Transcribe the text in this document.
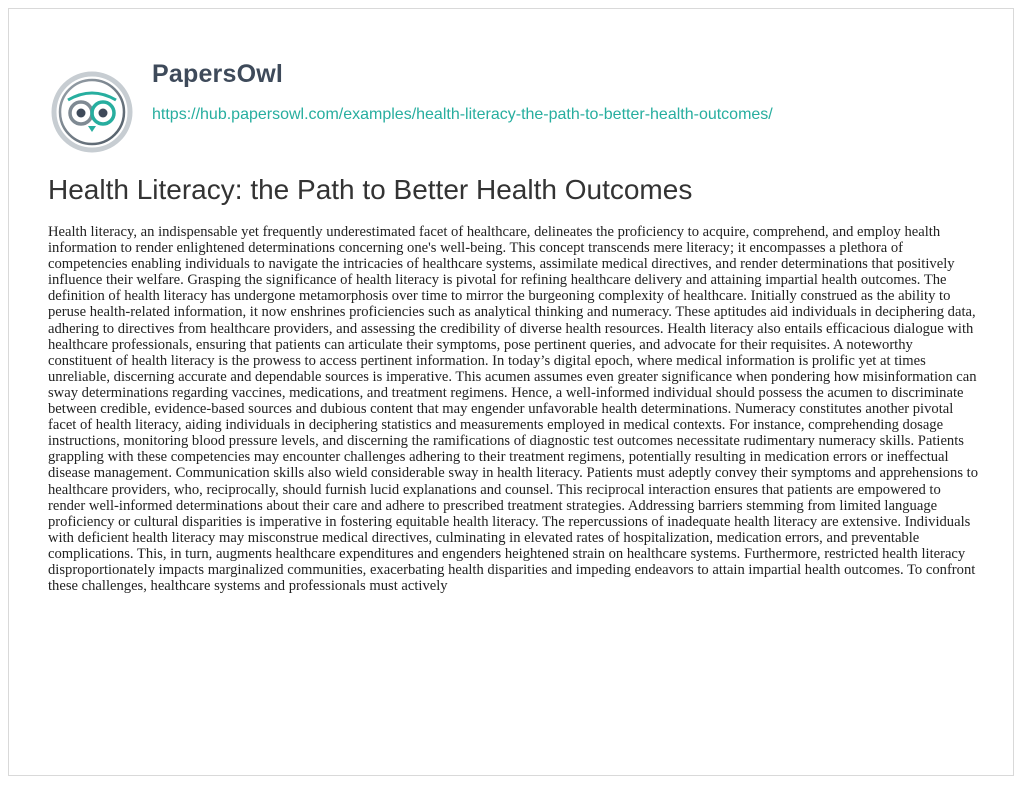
PapersOwl
https://hub.papersowl.com/examples/health-literacy-the-path-to-better-health-outcomes/
Health Literacy: the Path to Better Health Outcomes

Health literacy, an indispensable yet frequently underestimated facet of healthcare, delineates the proficiency to acquire, comprehend, and employ health information to render enlightened determinations concerning one's well-being. This concept transcends mere literacy; it encompasses a plethora of competencies enabling individuals to navigate the intricacies of healthcare systems, assimilate medical directives, and render determinations that positively influence their welfare. Grasping the significance of health literacy is pivotal for refining healthcare delivery and attaining impartial health outcomes. The definition of health literacy has undergone metamorphosis over time to mirror the burgeoning complexity of healthcare. Initially construed as the ability to peruse health-related information, it now enshrines proficiencies such as analytical thinking and numeracy. These aptitudes aid individuals in deciphering data, adhering to directives from healthcare providers, and assessing the credibility of diverse health resources. Health literacy also entails efficacious dialogue with healthcare professionals, ensuring that patients can articulate their symptoms, pose pertinent queries, and advocate for their requisites. A noteworthy constituent of health literacy is the prowess to access pertinent information. In today’s digital epoch, where medical information is prolific yet at times unreliable, discerning accurate and dependable sources is imperative. This acumen assumes even greater significance when pondering how misinformation can sway determinations regarding vaccines, medications, and treatment regimens. Hence, a well-informed individual should possess the acumen to discriminate between credible, evidence-based sources and dubious content that may engender unfavorable health determinations. Numeracy constitutes another pivotal facet of health literacy, aiding individuals in deciphering statistics and measurements employed in medical contexts. For instance, comprehending dosage instructions, monitoring blood pressure levels, and discerning the ramifications of diagnostic test outcomes necessitate rudimentary numeracy skills. Patients grappling with these competencies may encounter challenges adhering to their treatment regimens, potentially resulting in medication errors or ineffectual disease management. Communication skills also wield considerable sway in health literacy. Patients must adeptly convey their symptoms and apprehensions to healthcare providers, who, reciprocally, should furnish lucid explanations and counsel. This reciprocal interaction ensures that patients are empowered to render well-informed determinations about their care and adhere to prescribed treatment strategies. Addressing barriers stemming from limited language proficiency or cultural disparities is imperative in fostering equitable health literacy. The repercussions of inadequate health literacy are extensive. Individuals with deficient health literacy may misconstrue medical directives, culminating in elevated rates of hospitalization, medication errors, and preventable complications. This, in turn, augments healthcare expenditures and engenders heightened strain on healthcare systems. Furthermore, restricted health literacy disproportionately impacts marginalized communities, exacerbating health disparities and impeding endeavors to attain impartial health outcomes. To confront these challenges, healthcare systems and professionals must actively
